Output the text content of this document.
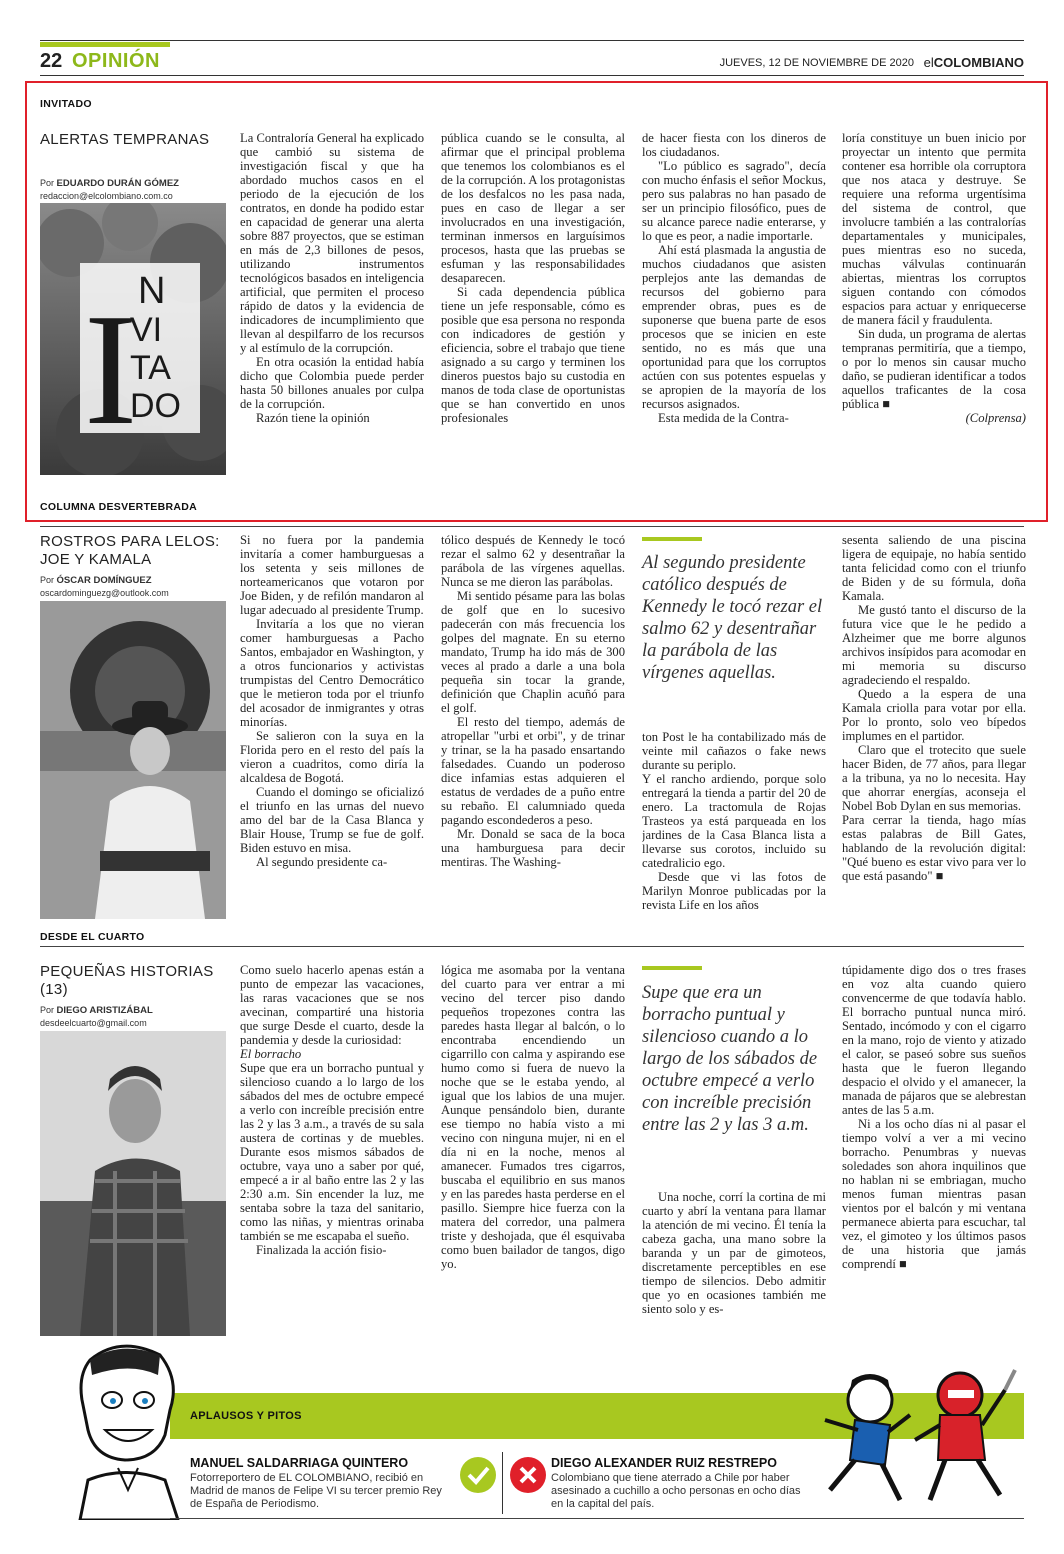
22 OPINIÓN	JUEVES, 12 DE NOVIEMBRE DE 2020 elCOLOMBIANO
INVITADO
ALERTAS TEMPRANAS
Por EDUARDO DURÁN GÓMEZ
redaccion@elcolombiano.com.co
I N
VI
TA
DO

La Contraloría General ha explicado que cambió su sistema de investigación fiscal y que ha abordado muchos casos en el periodo de la ejecución de los contratos, en donde ha podido estar en capacidad de generar una alerta sobre 887 proyectos, que se estiman en más de 2,3 billones de pesos, utilizando instrumentos tecnológicos basados en inteligencia artificial, que permiten el proceso rápido de datos y la evidencia de indicadores de incumplimiento que llevan al despilfarro de los recursos y al estímulo de la corrupción.

En otra ocasión la entidad había dicho que Colombia puede perder hasta 50 billones anuales por culpa de la corrupción.

Razón tiene la opinión

pública cuando se le consulta, al afirmar que el principal problema que tenemos los colombianos es el de la corrupción. A los protagonistas de los desfalcos no les pasa nada, pues en caso de llegar a ser involucrados en una investigación, terminan inmersos en larguísimos procesos, hasta que las pruebas se esfuman y las responsabilidades desaparecen.

Si cada dependencia pública tiene un jefe responsable, cómo es posible que esa persona no responda con indicadores de gestión y eficiencia, sobre el trabajo que tiene asignado a su cargo y terminen los dineros puestos bajo su custodia en manos de toda clase de oportunistas que se han convertido en unos profesionales

de hacer fiesta con los dineros de los ciudadanos.

"Lo público es sagrado", decía con mucho énfasis el señor Mockus, pero sus palabras no han pasado de ser un principio filosófico, pues de su alcance parece nadie enterarse, y lo que es peor, a nadie importarle.

Ahí está plasmada la angustia de muchos ciudadanos que asisten perplejos ante las demandas de recursos del gobierno para emprender obras, pues es de suponerse que buena parte de esos procesos que se inicien en este sentido, no es más que una oportunidad para que los corruptos actúen con sus potentes espuelas y se apropien de la mayoría de los recursos asignados.

Esta medida de la Contra-

loría constituye un buen inicio por proyectar un intento que permita contener esa horrible ola corruptora que nos ataca y destruye. Se requiere una reforma urgentísima del sistema de control, que involucre también a las contralorías departamentales y municipales, pues mientras eso no suceda, muchas válvulas continuarán abiertas, mientras los corruptos siguen contando con cómodos espacios para actuar y enriquecerse de manera fácil y fraudulenta.

Sin duda, un programa de alertas tempranas permitiría, que a tiempo, o por lo menos sin causar mucho daño, se pudieran identificar a todos aquellos traficantes de la cosa pública ■

(Colprensa)

COLUMNA DESVERTEBRADA
ROSTROS PARA LELOS: JOE Y KAMALA
Por ÓSCAR DOMÍNGUEZ
oscardominguezg@outlook.com

Si no fuera por la pandemia invitaría a comer hamburguesas a los setenta y seis millones de norteamericanos que votaron por Joe Biden, y de refilón mandaron al lugar adecuado al presidente Trump.

Invitaría a los que no vieran comer hamburguesas a Pacho Santos, embajador en Washington, y a otros funcionarios y activistas trumpistas del Centro Democrático que le metieron toda por el triunfo del acosador de inmigrantes y otras minorías.

Se salieron con la suya en la Florida pero en el resto del país la vieron a cuadritos, como diría la alcaldesa de Bogotá.

Cuando el domingo se oficializó el triunfo en las urnas del nuevo amo del bar de la Casa Blanca y Blair House, Trump se fue de golf. Biden estuvo en misa.

Al segundo presidente ca-

tólico después de Kennedy le tocó rezar el salmo 62 y desentrañar la parábola de las vírgenes aquellas. Nunca se me dieron las parábolas.

Mi sentido pésame para las bolas de golf que en lo sucesivo padecerán con más frecuencia los golpes del magnate. En su eterno mandato, Trump ha ido más de 300 veces al prado a darle a una bola pequeña sin tocar la grande, definición que Chaplin acuñó para el golf.

El resto del tiempo, además de atropellar "urbi et orbi", y de trinar y trinar, se la ha pasado ensartando falsedades. Cuando un poderoso dice infamias estas adquieren el estatus de verdades de a puño entre su rebaño. El calumniado queda pagando escondederos a peso.

Mr. Donald se saca de la boca una hamburguesa para decir mentiras. The Washing-

Al segundo presidente católico después de Kennedy le tocó rezar el salmo 62 y desentrañar la parábola de las vírgenes aquellas.

ton Post le ha contabilizado más de veinte mil cañazos o fake news durante su periplo.

Y el rancho ardiendo, porque solo entregará la tienda a partir del 20 de enero. La tractomula de Rojas Trasteos ya está parqueada en los jardines de la Casa Blanca lista a llevarse sus corotos, incluido su catedralicio ego.

Desde que vi las fotos de Marilyn Monroe publicadas por la revista Life en los años

sesenta saliendo de una piscina ligera de equipaje, no había sentido tanta felicidad como con el triunfo de Biden y de su fórmula, doña Kamala.

Me gustó tanto el discurso de la futura vice que le he pedido a Alzheimer que me borre algunos archivos insípidos para acomodar en mi memoria su discurso agradeciendo el respaldo.

Quedo a la espera de una Kamala criolla para votar por ella. Por lo pronto, solo veo bípedos implumes en el partidor.

Claro que el trotecito que suele hacer Biden, de 77 años, para llegar a la tribuna, ya no lo necesita. Hay que ahorrar energías, aconseja el Nobel Bob Dylan en sus memorias.

Para cerrar la tienda, hago mías estas palabras de Bill Gates, hablando de la revolución digital: "Qué bueno es estar vivo para ver lo que está pasando" ■

DESDE EL CUARTO
PEQUEÑAS HISTORIAS (13)
Por DIEGO ARISTIZÁBAL
desdeelcuarto@gmail.com

Como suelo hacerlo apenas están a punto de empezar las vacaciones, las raras vacaciones que se nos avecinan, compartiré una historia que surge Desde el cuarto, desde la pandemia y desde la curiosidad:

El borracho

Supe que era un borracho puntual y silencioso cuando a lo largo de los sábados del mes de octubre empecé a verlo con increíble precisión entre las 2 y las 3 a.m., a través de su sala austera de cortinas y de muebles. Durante esos mismos sábados de octubre, vaya uno a saber por qué, empecé a ir al baño entre las 2 y las 2:30 a.m. Sin encender la luz, me sentaba sobre la taza del sanitario, como las niñas, y mientras orinaba también se me escapaba el sueño.

Finalizada la acción fisio-

lógica me asomaba por la ventana del cuarto para ver entrar a mi vecino del tercer piso dando pequeños tropezones contra las paredes hasta llegar al balcón, o lo encontraba encendiendo un cigarrillo con calma y aspirando ese humo como si fuera de nuevo la noche que se le estaba yendo, al igual que los labios de una mujer. Aunque pensándolo bien, durante ese tiempo no había visto a mi vecino con ninguna mujer, ni en el día ni en la noche, menos al amanecer. Fumados tres cigarros, buscaba el equilibrio en sus manos y en las paredes hasta perderse en el pasillo. Siempre hice fuerza con la matera del corredor, una palmera triste y deshojada, que él esquivaba como buen bailador de tangos, digo yo.

Supe que era un borracho puntual y silencioso cuando a lo largo de los sábados de octubre empecé a verlo con increíble precisión entre las 2 y las 3 a.m.

Una noche, corrí la cortina de mi cuarto y abrí la ventana para llamar la atención de mi vecino. Él tenía la cabeza gacha, una mano sobre la baranda y un par de gimoteos, discretamente perceptibles en ese tiempo de silencios. Debo admitir que yo en ocasiones también me siento solo y es-

túpidamente digo dos o tres frases en voz alta cuando quiero convencerme de que todavía hablo. El borracho puntual nunca miró. Sentado, incómodo y con el cigarro en la mano, rojo de viento y atizado el calor, se paseó sobre sus sueños hasta que le fueron llegando despacio el olvido y el amanecer, la manada de pájaros que se alebrestan antes de las 5 a.m.

Ni a los ocho días ni al pasar el tiempo volví a ver a mi vecino borracho. Penumbras y nuevas soledades son ahora inquilinos que no hablan ni se embriagan, mucho menos fuman mientras pasan vientos por el balcón y mi ventana permanece abierta para escuchar, tal vez, el gimoteo y los últimos pasos de una historia que jamás comprendí ■

APLAUSOS Y PITOS
MANUEL SALDARRIAGA QUINTERO
Fotorreportero de EL COLOMBIANO, recibió en Madrid de manos de Felipe VI su tercer premio Rey de España de Periodismo.
DIEGO ALEXANDER RUIZ RESTREPO
Colombiano que tiene aterrado a Chile por haber asesinado a cuchillo a ocho personas en ocho días en la capital del país.
